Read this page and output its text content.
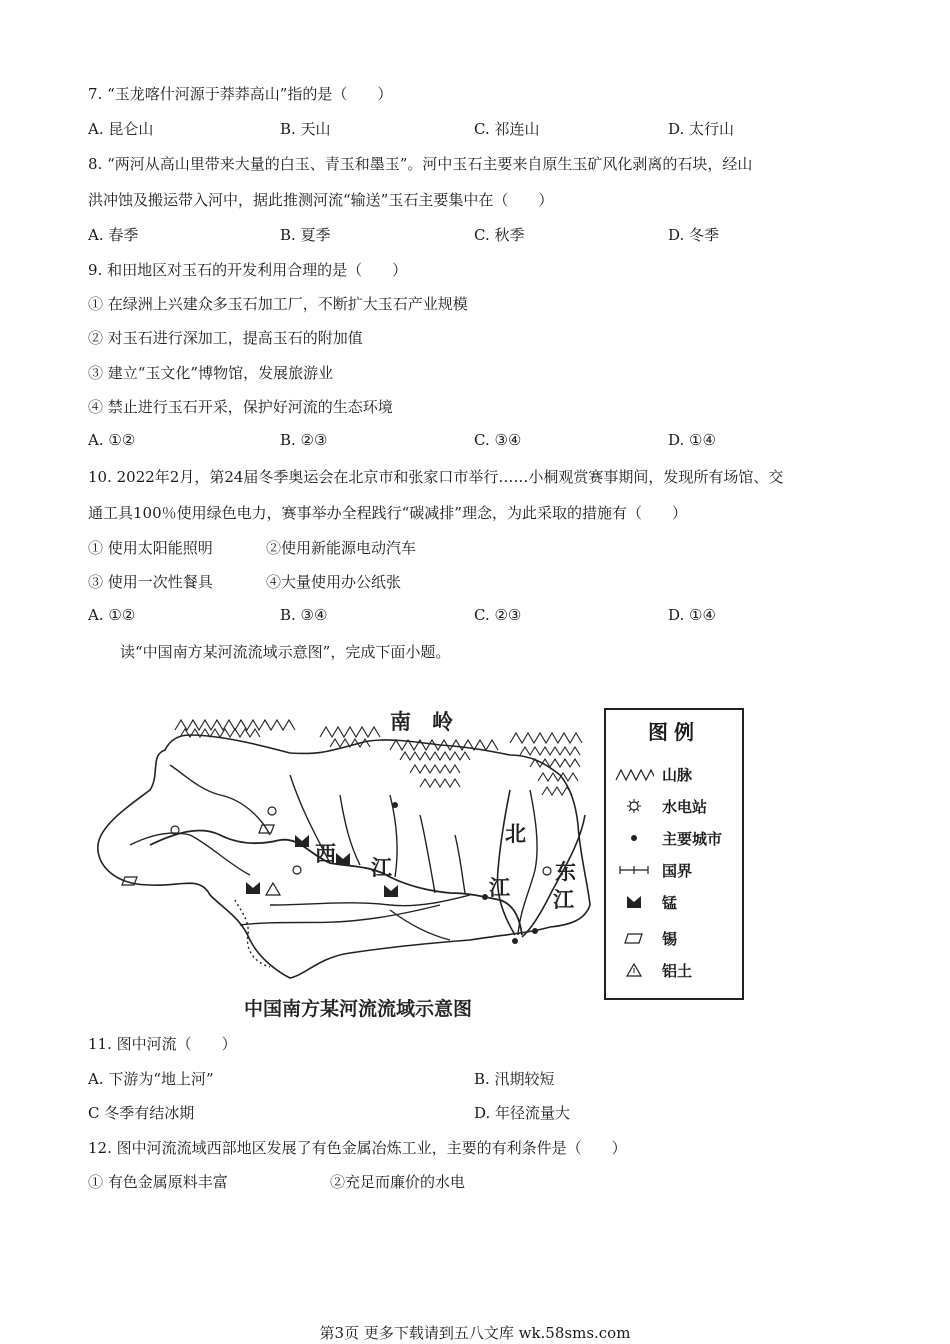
7. “玉龙喀什河源于莽莽高山”指的是（　　）
A. 昆仑山	B. 天山	C. 祁连山	D. 太行山
8. “两河从高山里带来大量的白玉、青玉和墨玉”。河中玉石主要来自原生玉矿风化剥离的石块，经山
洪冲蚀及搬运带入河中，据此推测河流“输送”玉石主要集中在（　　）
A. 春季	B. 夏季	C. 秋季	D. 冬季
9. 和田地区对玉石的开发利用合理的是（　　）
① 在绿洲上兴建众多玉石加工厂，不断扩大玉石产业规模
② 对玉石进行深加工，提高玉石的附加值
③ 建立“玉文化”博物馆，发展旅游业
④ 禁止进行玉石开采，保护好河流的生态环境
A. ①②	B. ②③	C. ③④	D. ①④
10. 2022年2月，第24届冬季奥运会在北京市和张家口市举行……小桐观赏赛事期间，发现所有场馆、交
通工具100％使用绿色电力，赛事举办全程践行“碳减排”理念，为此采取的措施有（　　）
① 使用太阳能照明	②使用新能源电动汽车
③ 使用一次性餐具	④大量使用办公纸张
A. ①②	B. ③④	C. ②③	D. ①④
读“中国南方某河流流域示意图”，完成下面小题。
南　岭
西
江
北
江
东
江
图例
山脉
水电站
主要城市
国界
锰
锡
铝土
中国南方某河流流域示意图
11. 图中河流（　　）
A. 下游为“地上河”	B. 汛期较短
C 冬季有结冰期	D. 年径流量大
12. 图中河流流域西部地区发展了有色金属冶炼工业，主要的有利条件是（　　）
① 有色金属原料丰富	②充足而廉价的水电
第3页 更多下载请到五八文库 wk.58sms.com
